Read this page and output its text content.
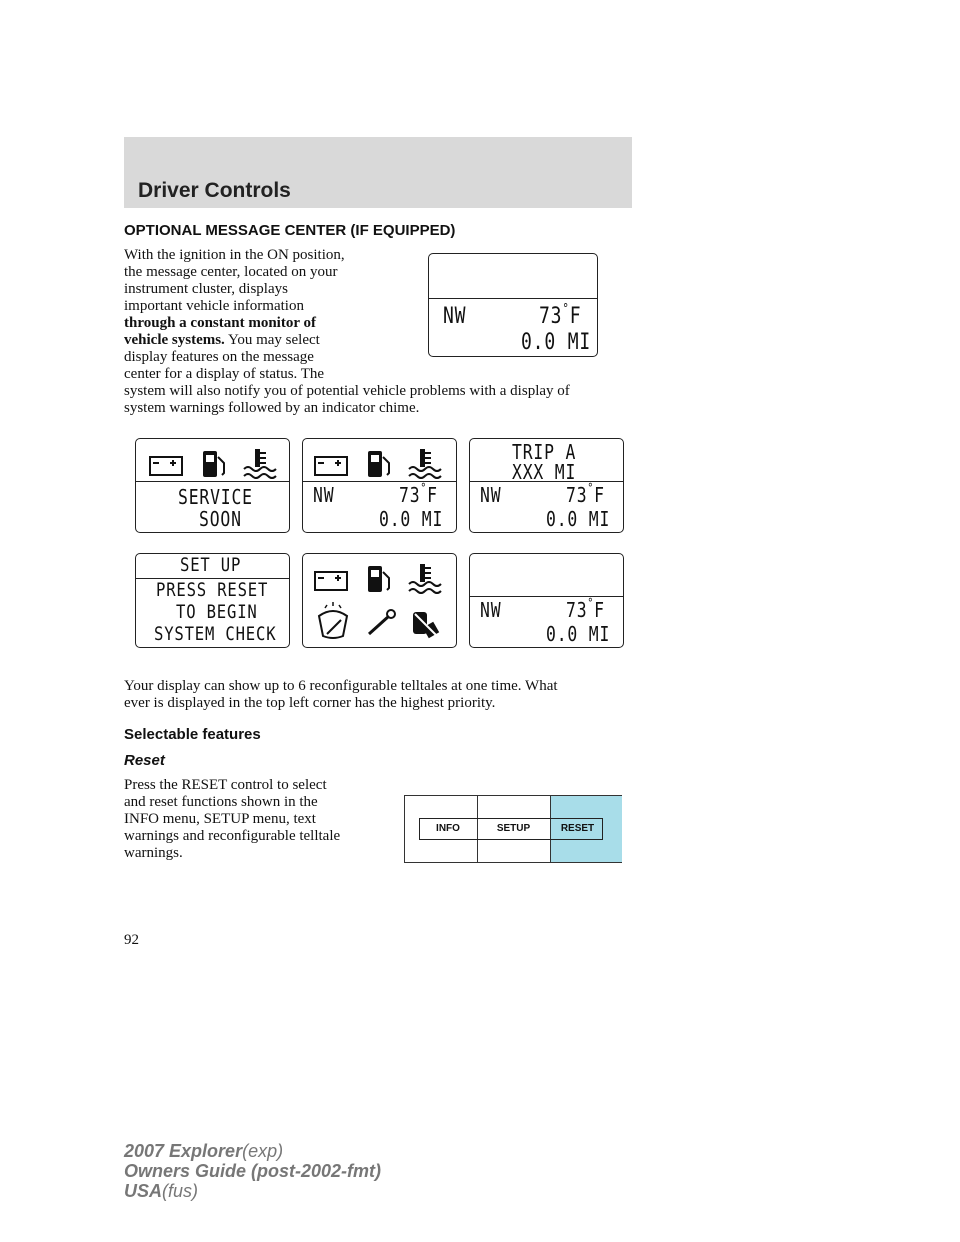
Driver Controls
OPTIONAL MESSAGE CENTER (IF EQUIPPED)
With the ignition in the ON position,
the message center, located on your
instrument cluster, displays
important vehicle information
through a constant monitor of
vehicle systems. You may select
display features on the message
center for a display of status. The
system will also notify you of potential vehicle problems with a display of
system warnings followed by an indicator chime.
NW	73°F
0.0 MI
SERVICE
SOON
NW	73°F
0.0 MI
TRIP A
XXX MI
NW	73°F
0.0 MI
SET UP
PRESS RESET
TO BEGIN
SYSTEM CHECK
NW	73°F
0.0 MI
Your display can show up to 6 reconfigurable telltales at one time. What
ever is displayed in the top left corner has the highest priority.
Selectable features
Reset
Press the RESET control to select
and reset functions shown in the
INFO menu, SETUP menu, text
warnings and reconfigurable telltale
warnings.
INFO	SETUP	RESET
92
2007 Explorer(exp)
Owners Guide (post-2002-fmt)
USA(fus)
